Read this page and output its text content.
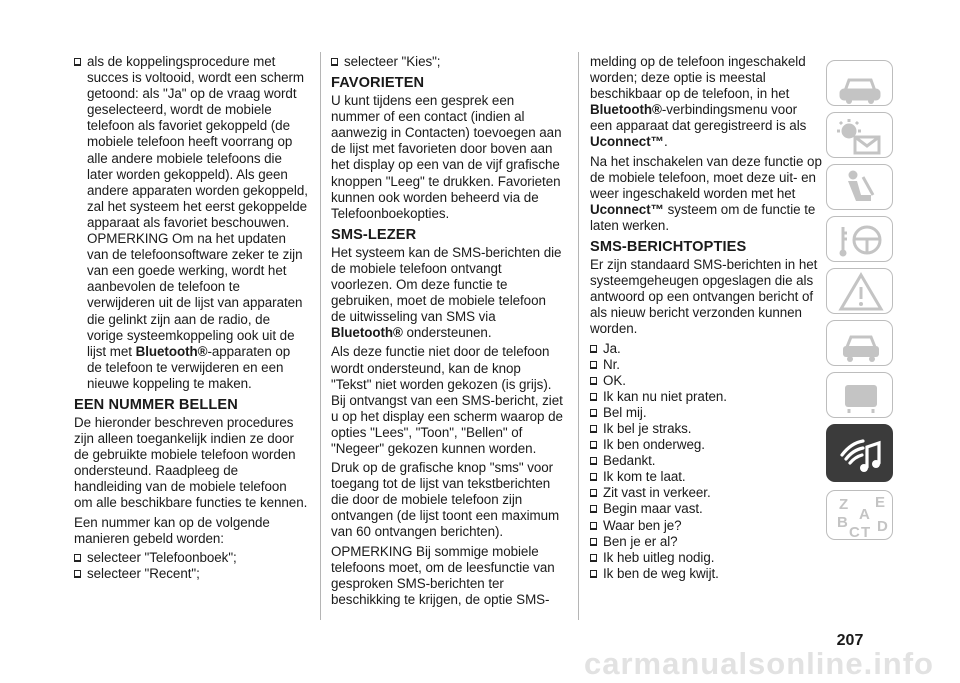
als de koppelingsprocedure met succes is voltooid, wordt een scherm getoond: als "Ja" op de vraag wordt geselecteerd, wordt de mobiele telefoon als favoriet gekoppeld (de mobiele telefoon heeft voorrang op alle andere mobiele telefoons die later worden gekoppeld). Als geen andere apparaten worden gekoppeld, zal het systeem het eerst gekoppelde apparaat als favoriet beschouwen. OPMERKING Om na het updaten van de telefoonsoftware zeker te zijn van een goede werking, wordt het aanbevolen de telefoon te verwijderen uit de lijst van apparaten die gelinkt zijn aan de radio, de vorige systeemkoppeling ook uit de lijst met Bluetooth®-apparaten op de telefoon te verwijderen en een nieuwe koppeling te maken.

EEN NUMMER BELLEN

De hieronder beschreven procedures zijn alleen toegankelijk indien ze door de gebruikte mobiele telefoon worden ondersteund. Raadpleeg de handleiding van de mobiele telefoon om alle beschikbare functies te kennen.

Een nummer kan op de volgende manieren gebeld worden:

selecteer "Telefoonboek";

selecteer "Recent";

selecteer "Kies";

FAVORIETEN

U kunt tijdens een gesprek een nummer of een contact (indien al aanwezig in Contacten) toevoegen aan de lijst met favorieten door boven aan het display op een van de vijf grafische knoppen "Leeg" te drukken. Favorieten kunnen ook worden beheerd via de Telefoonboekopties.

SMS-LEZER

Het systeem kan de SMS-berichten die de mobiele telefoon ontvangt voorlezen. Om deze functie te gebruiken, moet de mobiele telefoon de uitwisseling van SMS via Bluetooth® ondersteunen.

Als deze functie niet door de telefoon wordt ondersteund, kan de knop "Tekst" niet worden gekozen (is grijs). Bij ontvangst van een SMS-bericht, ziet u op het display een scherm waarop de opties "Lees", "Toon", "Bellen" of "Negeer" gekozen kunnen worden.

Druk op de grafische knop "sms" voor toegang tot de lijst van tekstberichten die door de mobiele telefoon zijn ontvangen (de lijst toont een maximum van 60 ontvangen berichten).

OPMERKING Bij sommige mobiele telefoons moet, om de leesfunctie van gesproken SMS-berichten ter beschikking te krijgen, de optie SMS-

melding op de telefoon ingeschakeld worden; deze optie is meestal beschikbaar op de telefoon, in het Bluetooth®-verbindingsmenu voor een apparaat dat geregistreerd is als Uconnect™.

Na het inschakelen van deze functie op de mobiele telefoon, moet deze uit- en weer ingeschakeld worden met het Uconnect™ systeem om de functie te laten werken.

SMS-BERICHTOPTIES

Er zijn standaard SMS-berichten in het systeemgeheugen opgeslagen die als antwoord op een ontvangen bericht of als nieuw bericht verzonden kunnen worden.

Ja.

Nr.

OK.

Ik kan nu niet praten.

Bel mij.

Ik bel je straks.

Ik ben onderweg.

Bedankt.

Ik kom te laat.

Zit vast in verkeer.

Begin maar vast.

Waar ben je?

Ben je er al?

Ik heb uitleg nodig.

Ik ben de weg kwijt.

Z E
A
B D
C T
207
carmanualsonline.info
